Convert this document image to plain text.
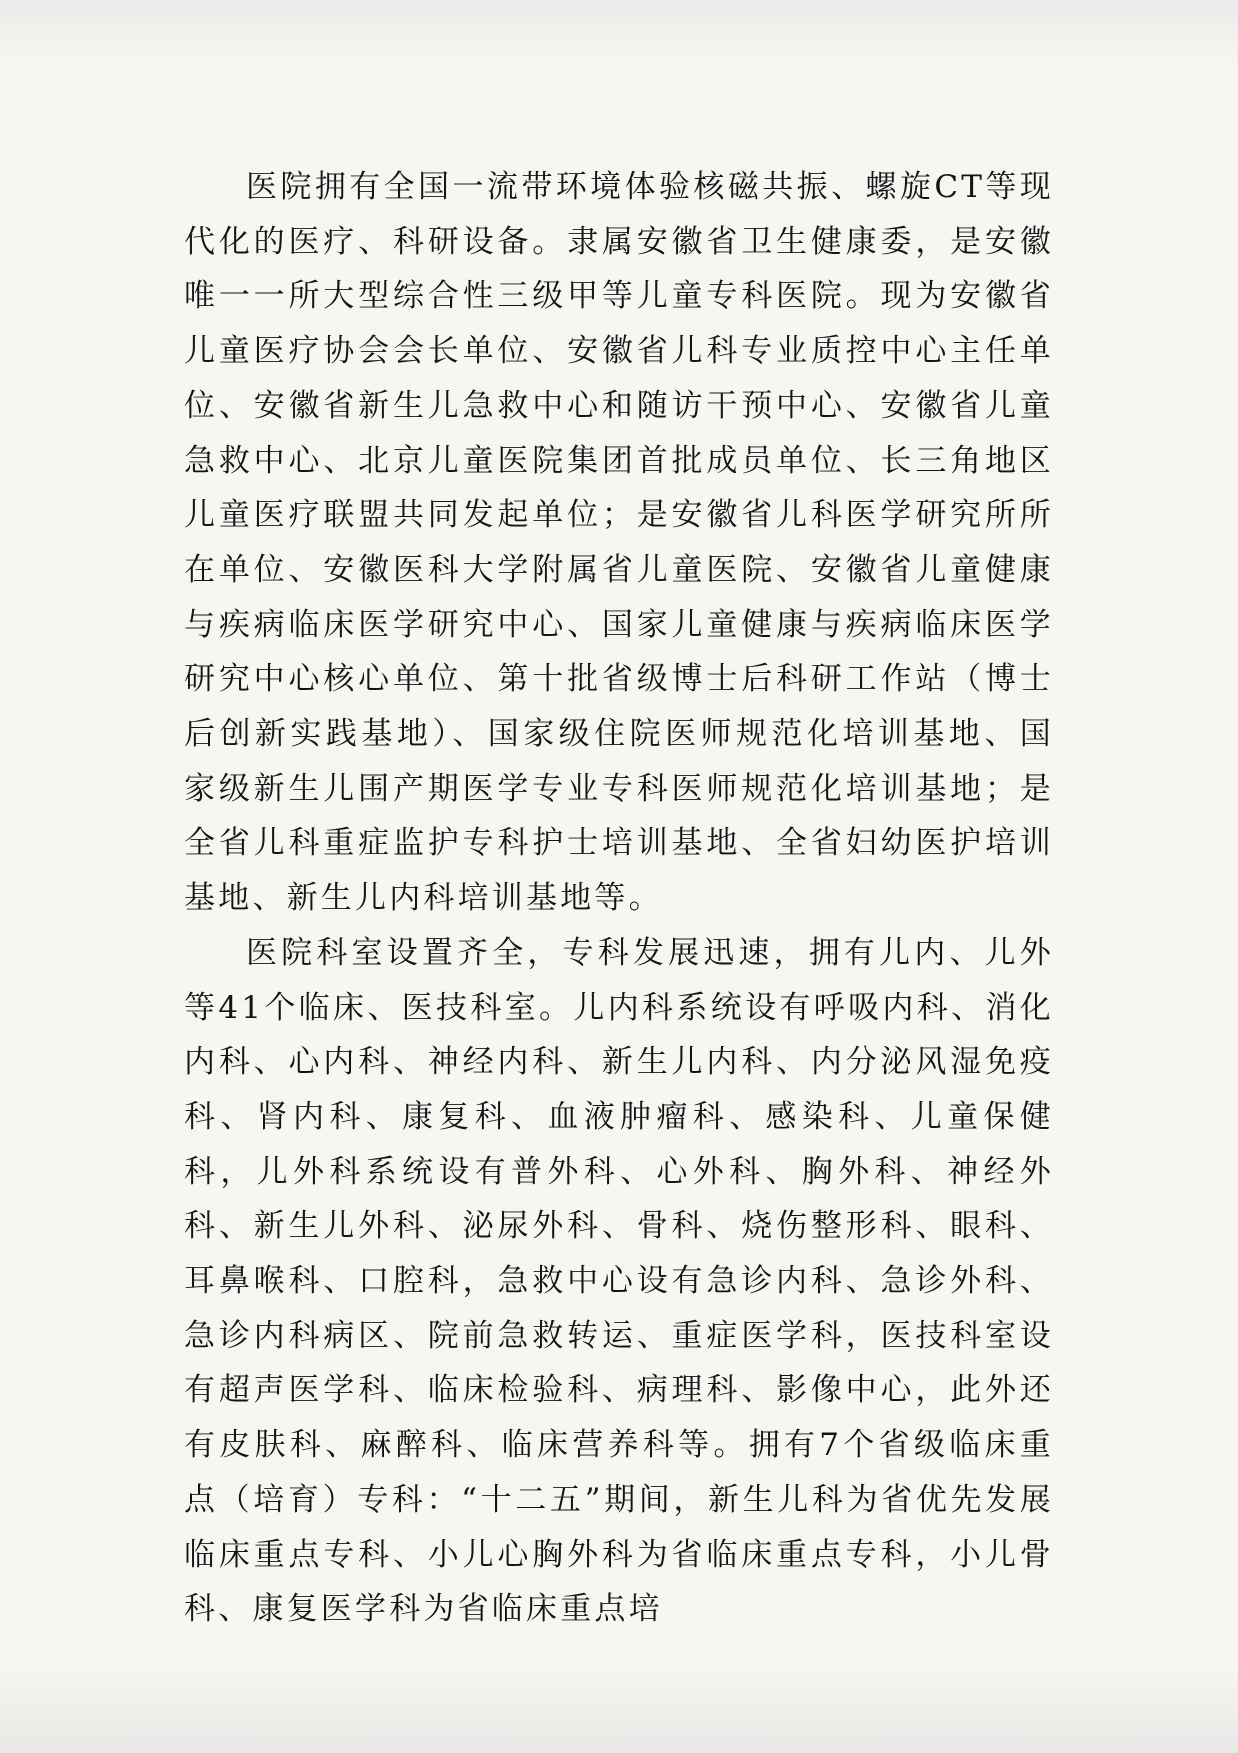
医院拥有全国一流带环境体验核磁共振、螺旋CT等现代化的医疗、科研设备。隶属安徽省卫生健康委，是安徽唯一一所大型综合性三级甲等儿童专科医院。现为安徽省儿童医疗协会会长单位、安徽省儿科专业质控中心主任单位、安徽省新生儿急救中心和随访干预中心、安徽省儿童急救中心、北京儿童医院集团首批成员单位、长三角地区儿童医疗联盟共同发起单位；是安徽省儿科医学研究所所在单位、安徽医科大学附属省儿童医院、安徽省儿童健康与疾病临床医学研究中心、国家儿童健康与疾病临床医学研究中心核心单位、第十批省级博士后科研工作站（博士后创新实践基地）、国家级住院医师规范化培训基地、国家级新生儿围产期医学专业专科医师规范化培训基地；是全省儿科重症监护专科护士培训基地、全省妇幼医护培训基地、新生儿内科培训基地等。

医院科室设置齐全，专科发展迅速，拥有儿内、儿外等41个临床、医技科室。儿内科系统设有呼吸内科、消化内科、心内科、神经内科、新生儿内科、内分泌风湿免疫科、肾内科、康复科、血液肿瘤科、感染科、儿童保健科，儿外科系统设有普外科、心外科、胸外科、神经外科、新生儿外科、泌尿外科、骨科、烧伤整形科、眼科、耳鼻喉科、口腔科，急救中心设有急诊内科、急诊外科、急诊内科病区、院前急救转运、重症医学科，医技科室设有超声医学科、临床检验科、病理科、影像中心，此外还有皮肤科、麻醉科、临床营养科等。拥有7个省级临床重点（培育）专科：“十二五”期间，新生儿科为省优先发展临床重点专科、小儿心胸外科为省临床重点专科，小儿骨科、康复医学科为省临床重点培
